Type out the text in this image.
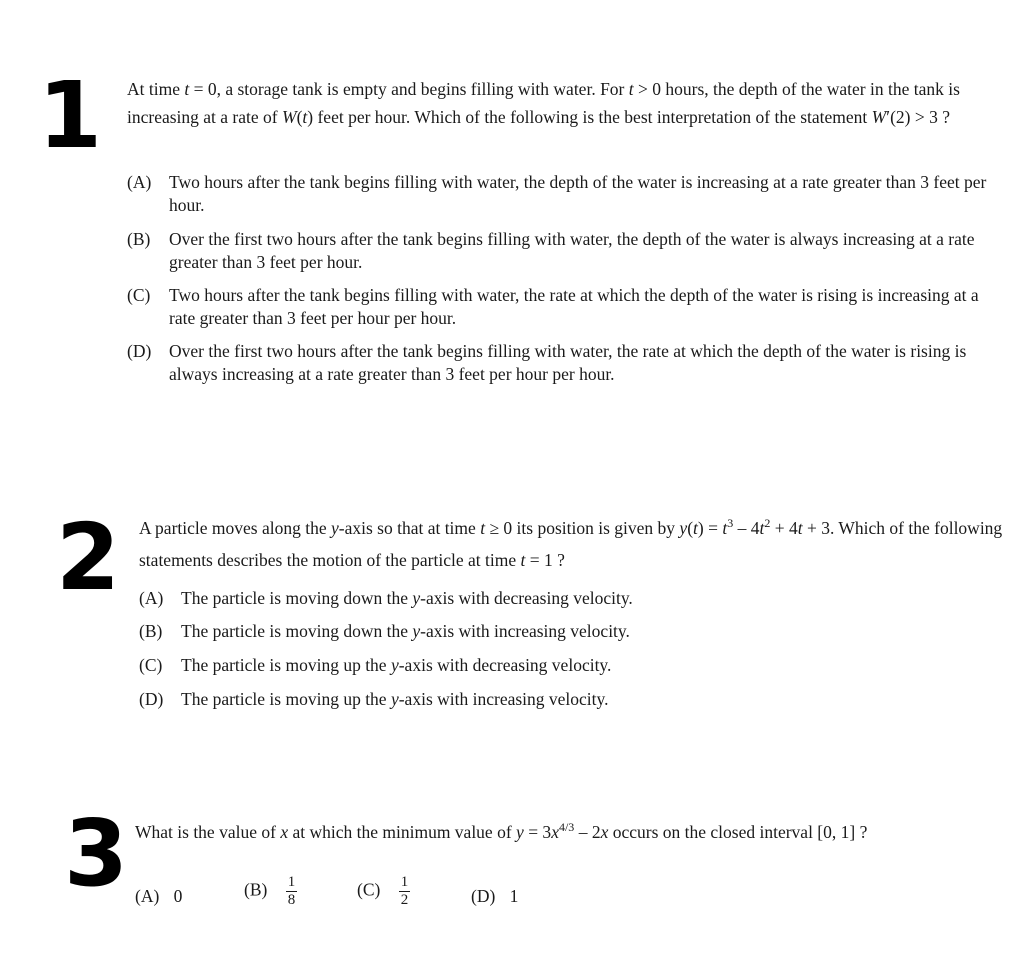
1 At time t = 0, a storage tank is empty and begins filling with water. For t > 0 hours, the depth of the water in the tank is increasing at a rate of W(t) feet per hour. Which of the following is the best interpretation of the statement W′(2) > 3 ?
(A)	Two hours after the tank begins filling with water, the depth of the water is increasing at a rate greater than 3 feet per hour.
(B)	Over the first two hours after the tank begins filling with water, the depth of the water is always increasing at a rate greater than 3 feet per hour.
(C)	Two hours after the tank begins filling with water, the rate at which the depth of the water is rising is increasing at a rate greater than 3 feet per hour per hour.
(D)	Over the first two hours after the tank begins filling with water, the rate at which the depth of the water is rising is always increasing at a rate greater than 3 feet per hour per hour.
2 A particle moves along the y-axis so that at time t ≥ 0 its position is given by $y(t) = t^3 - 4t^2 + 4t + 3$. Which of the following statements describes the motion of the particle at time t = 1 ?
(A)	The particle is moving down the y-axis with decreasing velocity.
(B)	The particle is moving down the y-axis with increasing velocity.
(C)	The particle is moving up the y-axis with decreasing velocity.
(D)	The particle is moving up the y-axis with increasing velocity.
3 What is the value of x at which the minimum value of $y = 3x^{4/3} - 2x$ occurs on the closed interval [0, 1] ?
(A) 0	$(B) \frac{1}{8}$	$(C) \frac{1}{2}$	(D) 1
